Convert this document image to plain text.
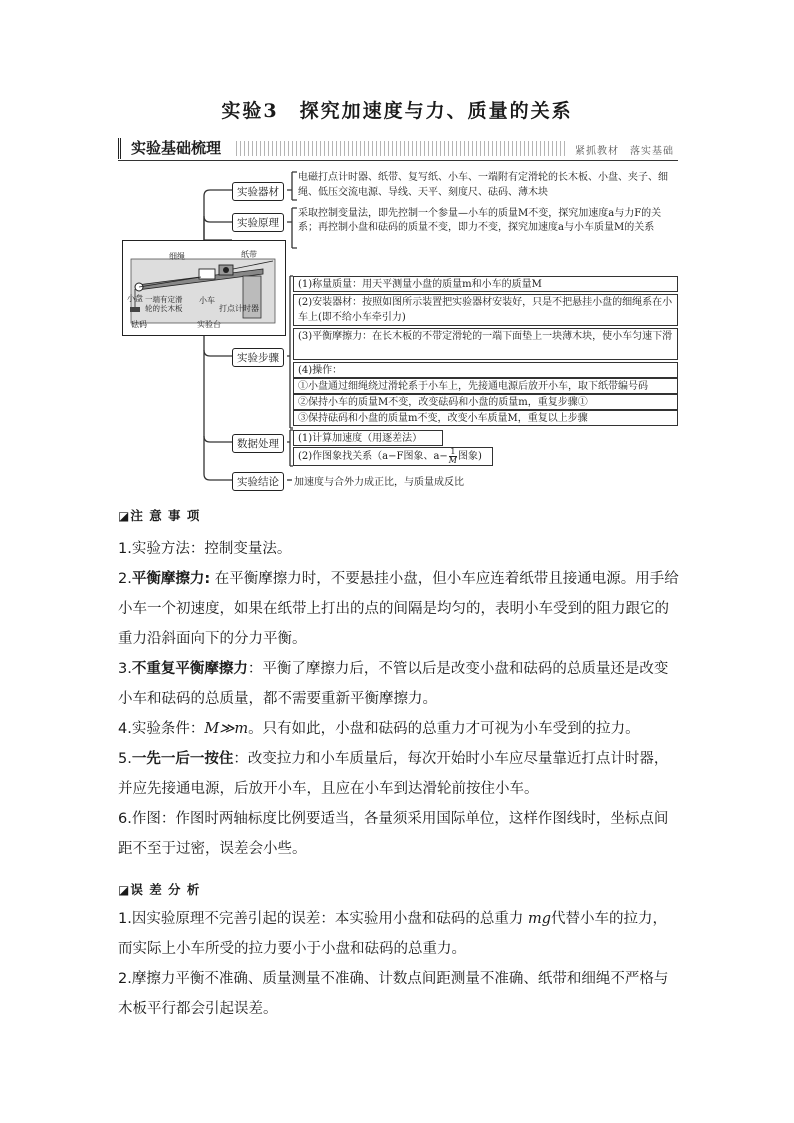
实验3　探究加速度与力、质量的关系
实验基础梳理	紧抓教材　落实基础
细绳	纸带
小盘 一端有定滑轮的长木板
砝码
小车
打点计时器
实验台
实验器材
实验原理
实验步骤
数据处理
实验结论
电磁打点计时器、纸带、复写纸、小车、一端附有定滑轮的长木板、小盘、夹子、细绳、低压交流电源、导线、天平、刻度尺、砝码、薄木块
采取控制变量法，即先控制一个参量—小车的质量M不变，探究加速度a与力F的关系；再控制小盘和砝码的质量不变，即力不变，探究加速度a与小车质量M的关系
(1)称量质量：用天平测量小盘的质量m和小车的质量M
(2)安装器材：按照如图所示装置把实验器材安装好，只是不把悬挂小盘的细绳系在小车上(即不给小车牵引力)
(3)平衡摩擦力：在长木板的不带定滑轮的一端下面垫上一块薄木块，使小车匀速下滑
(4)操作：
①小盘通过细绳绕过滑轮系于小车上，先接通电源后放开小车，取下纸带编号码
②保持小车的质量M不变，改变砝码和小盘的质量m，重复步骤①
③保持砝码和小盘的质量m不变，改变小车质量M，重复以上步骤
(1)计算加速度（用逐差法）
(2)作图象找关系（a−F图象、$a- \frac{1}{M}$ 图象)
加速度与合外力成正比，与质量成反比

◪注 意 事 项

1.实验方法：控制变量法。

2.平衡摩擦力: 在平衡摩擦力时，不要悬挂小盘，但小车应连着纸带且接通电源。用手给小车一个初速度，如果在纸带上打出的点的间隔是均匀的，表明小车受到的阻力跟它的重力沿斜面向下的分力平衡。

3.不重复平衡摩擦力：平衡了摩擦力后，不管以后是改变小盘和砝码的总质量还是改变小车和砝码的总质量，都不需要重新平衡摩擦力。

4.实验条件：M≫m。只有如此，小盘和砝码的总重力才可视为小车受到的拉力。

5.一先一后一按住：改变拉力和小车质量后，每次开始时小车应尽量靠近打点计时器，并应先接通电源，后放开小车，且应在小车到达滑轮前按住小车。

6.作图：作图时两轴标度比例要适当，各量须采用国际单位，这样作图线时，坐标点间距不至于过密，误差会小些。

◪误 差 分 析

1.因实验原理不完善引起的误差：本实验用小盘和砝码的总重力 mg代替小车的拉力，而实际上小车所受的拉力要小于小盘和砝码的总重力。

2.摩擦力平衡不准确、质量测量不准确、计数点间距测量不准确、纸带和细绳不严格与木板平行都会引起误差。
